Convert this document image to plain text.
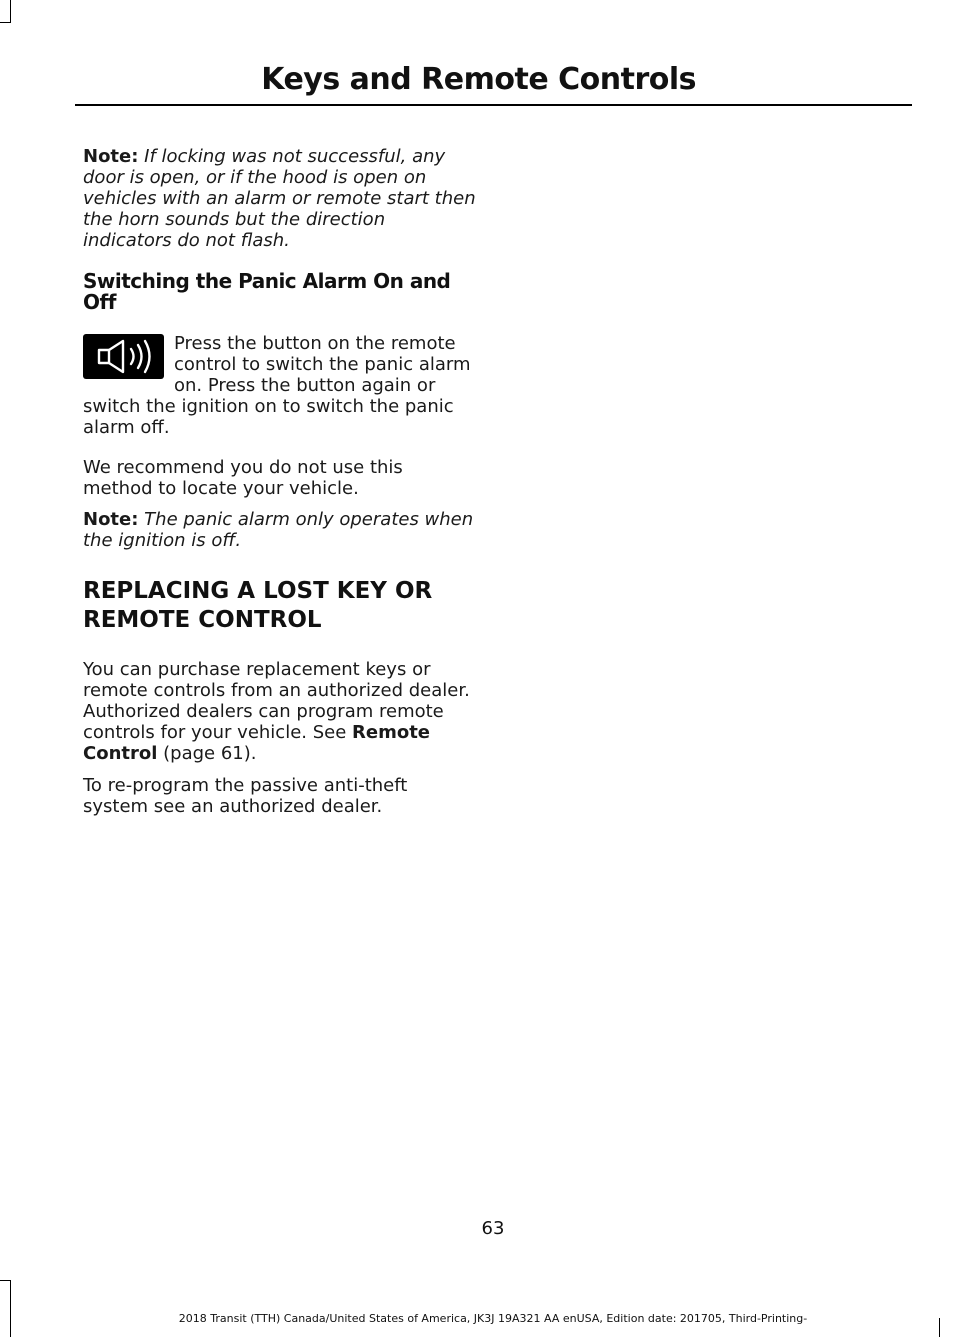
Keys and Remote Controls

Note: If locking was not successful, any door is open, or if the hood is open on vehicles with an alarm or remote start then the horn sounds but the direction indicators do not flash.

Switching the Panic Alarm On and Off
Press the button on the remote control to switch the panic alarm on. Press the button again or switch the ignition on to switch the panic alarm off.

We recommend you do not use this method to locate your vehicle.

Note: The panic alarm only operates when the ignition is off.

REPLACING A LOST KEY OR REMOTE CONTROL

You can purchase replacement keys or remote controls from an authorized dealer. Authorized dealers can program remote controls for your vehicle. See Remote Control (page 61).

To re-program the passive anti-theft system see an authorized dealer.

63
2018 Transit (TTH) Canada/United States of America, JK3J 19A321 AA enUSA, Edition date: 201705, Third-Printing-
